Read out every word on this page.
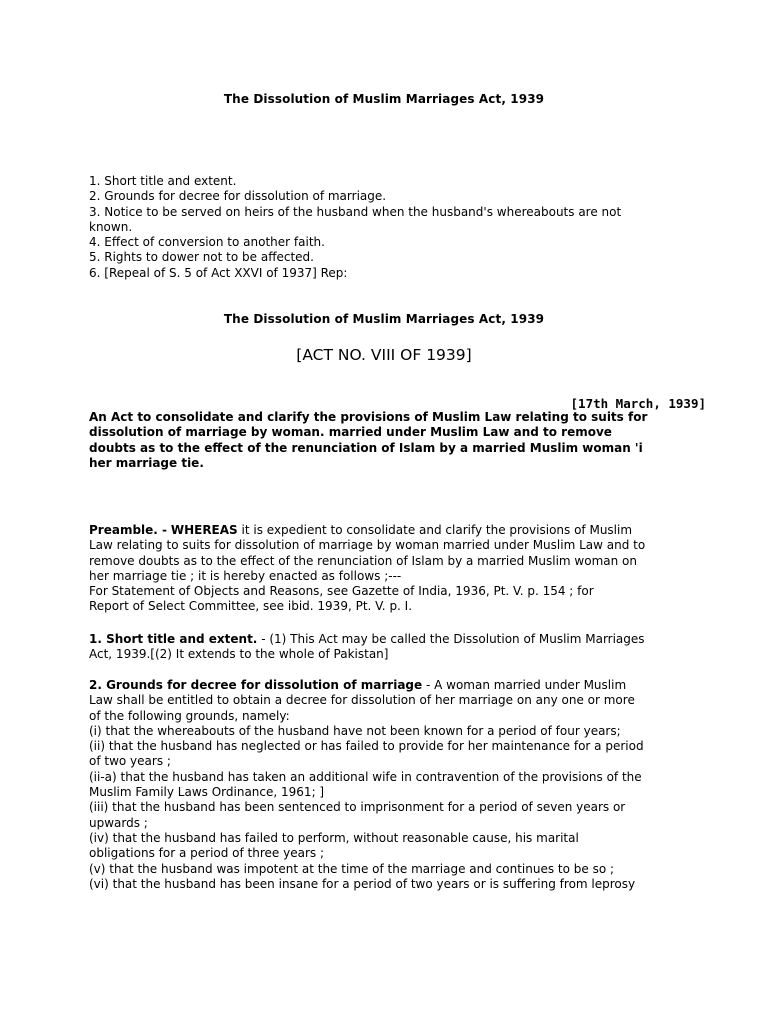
The Dissolution of Muslim Marriages Act, 1939
1. Short title and extent.
2. Grounds for decree for dissolution of marriage.
3. Notice to be served on heirs of the husband when the husband's whereabouts are not
known.
4. Effect of conversion to another faith.
5. Rights to dower not to be affected.
6. [Repeal of S. 5 of Act XXVI of 1937] Rep:
The Dissolution of Muslim Marriages Act, 1939
[ACT NO. VIII OF 1939]
[17th March, 1939]
An Act to consolidate and clarify the provisions of Muslim Law relating to suits for
dissolution of marriage by woman. married under Muslim Law and to remove
doubts as to the effect of the renunciation of Islam by a married Muslim woman 'i
her marriage tie.
Preamble. - WHEREAS it is expedient to consolidate and clarify the provisions of Muslim
Law relating to suits for dissolution of marriage by woman married under Muslim Law and to
remove doubts as to the effect of the renunciation of Islam by a married Muslim woman on
her marriage tie ; it is hereby enacted as follows ;---
For Statement of Objects and Reasons, see Gazette of India, 1936, Pt. V. p. 154 ; for
Report of Select Committee, see ibid. 1939, Pt. V. p. I.
1. Short title and extent. - (1) This Act may be called the Dissolution of Muslim Marriages
Act, 1939.[(2) It extends to the whole of Pakistan]
2. Grounds for decree for dissolution of marriage - A woman married under Muslim
Law shall be entitled to obtain a decree for dissolution of her marriage on any one or more
of the following grounds, namely:
(i) that the whereabouts of the husband have not been known for a period of four years;
(ii) that the husband has neglected or has failed to provide for her maintenance for a period
of two years ;
(ii-a) that the husband has taken an additional wife in contravention of the provisions of the
Muslim Family Laws Ordinance, 1961; ]
(iii) that the husband has been sentenced to imprisonment for a period of seven years or
upwards ;
(iv) that the husband has failed to perform, without reasonable cause, his marital
obligations for a period of three years ;
(v) that the husband was impotent at the time of the marriage and continues to be so ;
(vi) that the husband has been insane for a period of two years or is suffering from leprosy
